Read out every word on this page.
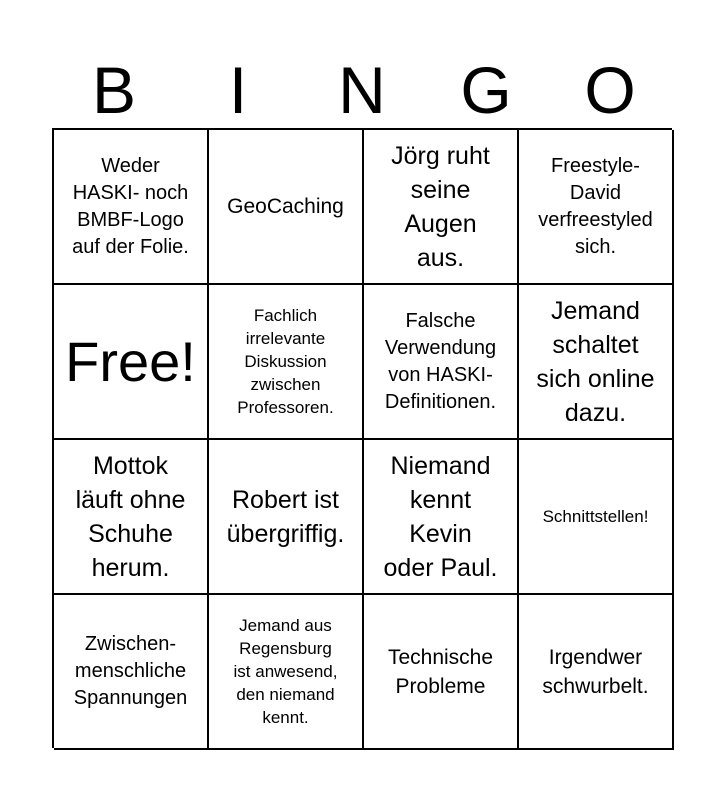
B	I	N	G	O
Weder
HASKI- noch
BMBF-Logo
auf der Folie.
GeoCaching
Jörg ruht
seine
Augen
aus.
Freestyle-
David
verfreestyled
sich.
Free!
Fachlich
irrelevante
Diskussion
zwischen
Professoren.
Falsche
Verwendung
von HASKI-
Definitionen.
Jemand
schaltet
sich online
dazu.
Mottok
läuft ohne
Schuhe
herum.
Robert ist
übergriffig.
Niemand
kennt
Kevin
oder Paul.
Schnittstellen!
Zwischen-
menschliche
Spannungen
Jemand aus
Regensburg
ist anwesend,
den niemand
kennt.
Technische
Probleme
Irgendwer
schwurbelt.
